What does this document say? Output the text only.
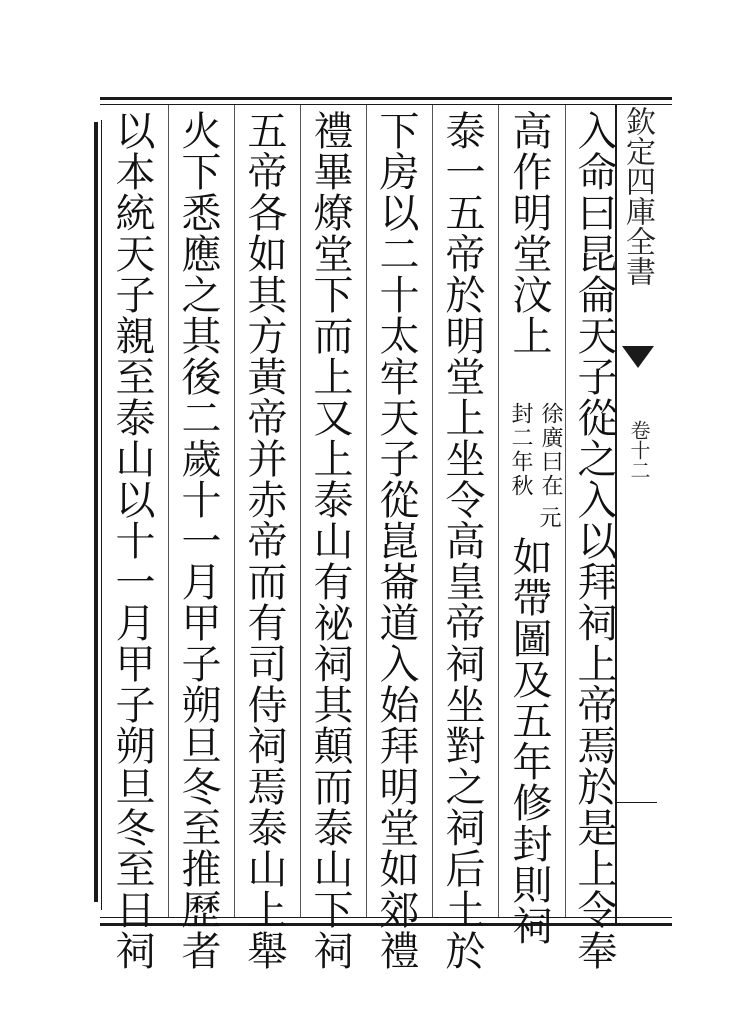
欽定四庫全書
卷十二
入命曰昆侖天子從之入以拜祠上帝焉於是上令奉
高作明堂汶上
徐廣曰在
封二年秋
元
如帶圖及五年修封則祠
泰一五帝於明堂上坐令高皇帝祠坐對之祠后土於
下房以二十太牢天子從崑崙道入始拜明堂如郊禮
禮畢燎堂下而上又上泰山有祕祠其顛而泰山下祠
五帝各如其方黃帝并赤帝而有司侍祠焉泰山上舉
火下悉應之其後二歲十一月甲子朔旦冬至推歷者
以本統天子親至泰山以十一月甲子朔旦冬至日祠
